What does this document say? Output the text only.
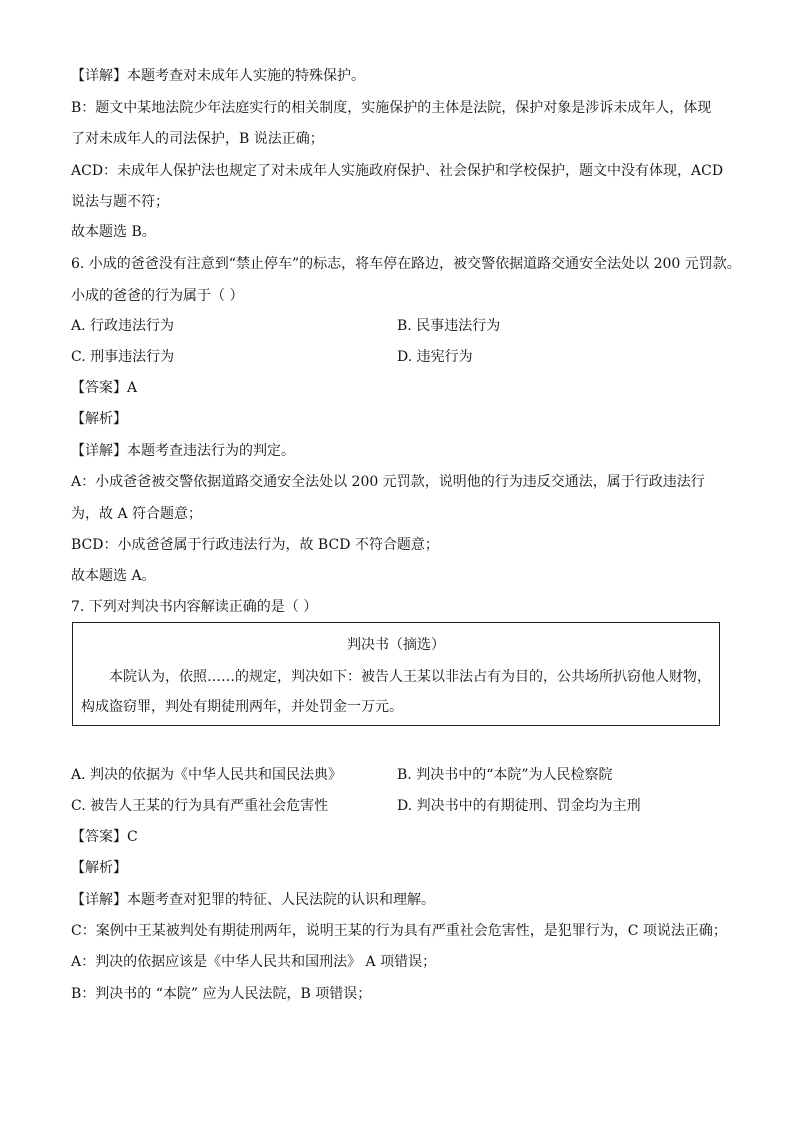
【详解】本题考查对未成年人实施的特殊保护。
B：题文中某地法院少年法庭实行的相关制度，实施保护的主体是法院，保护对象是涉诉未成年人，体现
了对未成年人的司法保护，B 说法正确；
ACD：未成年人保护法也规定了对未成年人实施政府保护、社会保护和学校保护，题文中没有体现，ACD
说法与题不符；
故本题选 B。
6. 小成的爸爸没有注意到“禁止停车”的标志，将车停在路边，被交警依据道路交通安全法处以 200 元罚款。
小成的爸爸的行为属于（ ）
A. 行政违法行为	B. 民事违法行为
C. 刑事违法行为	D. 违宪行为
【答案】A
【解析】
【详解】本题考查违法行为的判定。
A：小成爸爸被交警依据道路交通安全法处以 200 元罚款，说明他的行为违反交通法，属于行政违法行
为，故 A 符合题意；
BCD：小成爸爸属于行政违法行为，故 BCD 不符合题意；
故本题选 A。
7. 下列对判决书内容解读正确的是（ ）
判决书（摘选）
本院认为，依照……的规定，判决如下：被告人王某以非法占有为目的，公共场所扒窃他人财物，
构成盗窃罪，判处有期徒刑两年，并处罚金一万元。
A. 判决的依据为《中华人民共和国民法典》	B. 判决书中的“本院”为人民检察院
C. 被告人王某的行为具有严重社会危害性	D. 判决书中的有期徒刑、罚金均为主刑
【答案】C
【解析】
【详解】本题考查对犯罪的特征、人民法院的认识和理解。
C：案例中王某被判处有期徒刑两年，说明王某的行为具有严重社会危害性，是犯罪行为，C 项说法正确；
A：判决的依据应该是《中华人民共和国刑法》 A 项错误；
B：判决书的 “本院” 应为人民法院，B 项错误；
